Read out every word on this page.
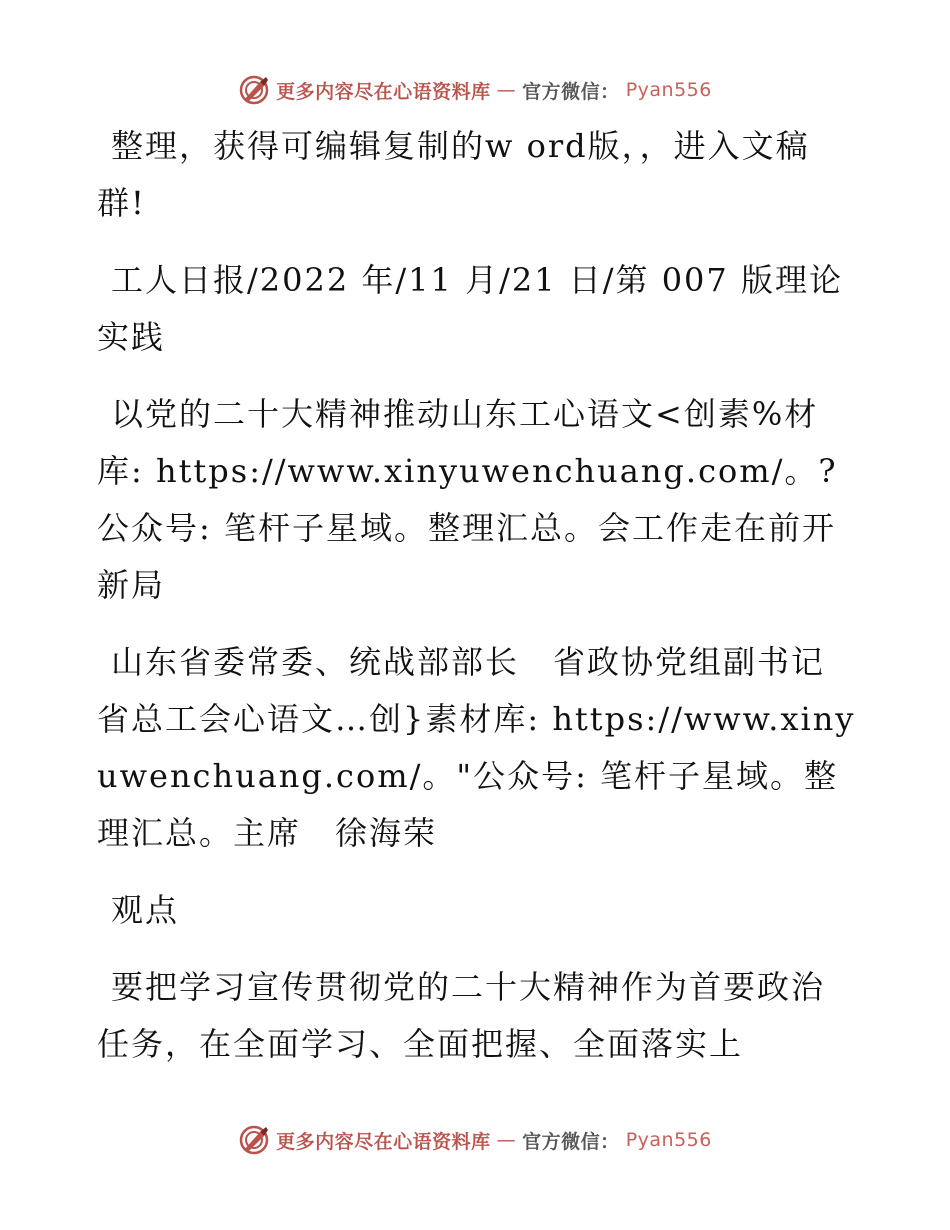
更多内容尽在心语资料库 — 官方微信： Pyan556

整理，获得可编辑复制的w ord版，，进入文稿群!

工人日报/2022 年/11 月/21 日/第 007 版理论实践

以党的二十大精神推动山东工心语文<创素%材库: https://www.xinyuwenchuang.com/。?公众号: 笔杆子星域。整理汇总。会工作走在前开新局

山东省委常委、统战部部长　省政协党组副书记省总工会心语文…创}素材库: https://www.xinyuwenchuang.com/。"公众号: 笔杆子星域。整理汇总。主席　徐海荣

观点

要把学习宣传贯彻党的二十大精神作为首要政治任务，在全面学习、全面把握、全面落实上

更多内容尽在心语资料库 — 官方微信： Pyan556
